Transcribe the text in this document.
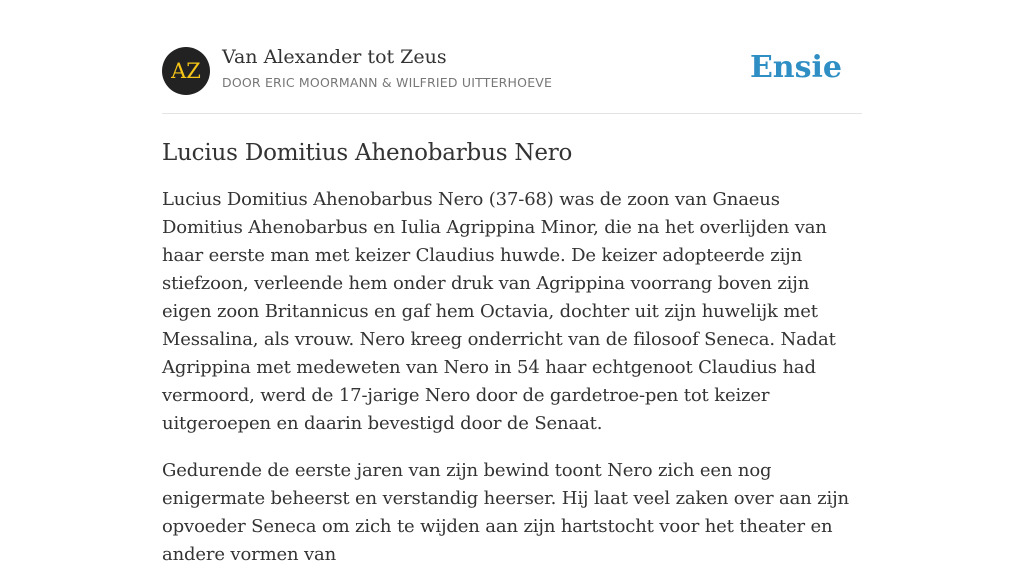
AZ
Van Alexander tot Zeus
DOOR ERIC MOORMANN & WILFRIED UITTERHOEVE	Ensie
Lucius Domitius Ahenobarbus Nero

Lucius Domitius Ahenobarbus Nero (37-68) was de zoon van Gnaeus Domitius Ahenobarbus en Iulia Agrippina Minor, die na het overlijden van haar eerste man met keizer Claudius huwde. De keizer adopteerde zijn stiefzoon, verleende hem onder druk van Agrippina voorrang boven zijn eigen zoon Britannicus en gaf hem Octavia, dochter uit zijn huwelijk met Messalina, als vrouw. Nero kreeg onderricht van de filosoof Seneca. Nadat Agrippina met medeweten van Nero in 54 haar echtgenoot Claudius had vermoord, werd de 17-jarige Nero door de gardetroe-pen tot keizer uitgeroepen en daarin bevestigd door de Senaat.

Gedurende de eerste jaren van zijn bewind toont Nero zich een nog enigermate beheerst en verstandig heerser. Hij laat veel zaken over aan zijn opvoeder Seneca om zich te wijden aan zijn hartstocht voor het theater en andere vormen van
